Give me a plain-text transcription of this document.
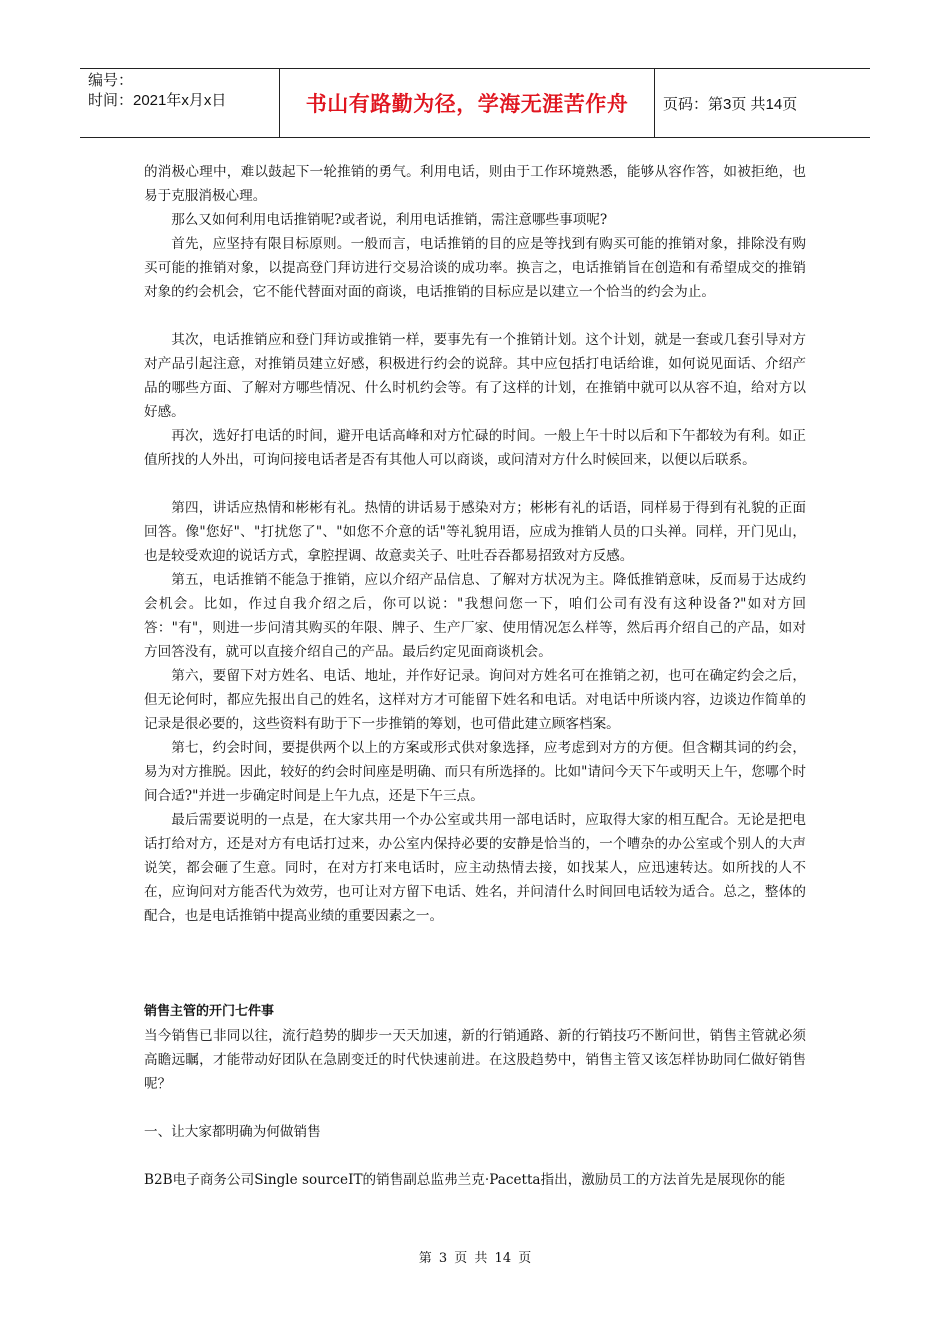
编号：
时间：2021年x月x日	书山有路勤为径，学海无涯苦作舟 页码：第3页 共14页

的消极心理中，难以鼓起下一轮推销的勇气。利用电话，则由于工作环境熟悉，能够从容作答，如被拒绝，也易于克服消极心理。

那么又如何利用电话推销呢?或者说，利用电话推销，需注意哪些事项呢?

首先，应坚持有限目标原则。一般而言，电话推销的目的应是等找到有购买可能的推销对象，排除没有购买可能的推销对象，以提高登门拜访进行交易洽谈的成功率。换言之，电话推销旨在创造和有希望成交的推销对象的约会机会，它不能代替面对面的商谈，电话推销的目标应是以建立一个恰当的约会为止。

其次，电话推销应和登门拜访或推销一样，要事先有一个推销计划。这个计划，就是一套或几套引导对方对产品引起注意，对推销员建立好感，积极进行约会的说辞。其中应包括打电话给谁，如何说见面话、介绍产品的哪些方面、了解对方哪些情况、什么时机约会等。有了这样的计划，在推销中就可以从容不迫，给对方以好感。

再次，选好打电话的时间，避开电话高峰和对方忙碌的时间。一般上午十时以后和下午都较为有利。如正值所找的人外出，可询问接电话者是否有其他人可以商谈，或问清对方什么时候回来，以便以后联系。

第四，讲话应热情和彬彬有礼。热情的讲话易于感染对方；彬彬有礼的话语，同样易于得到有礼貌的正面回答。像"您好"、"打扰您了"、"如您不介意的话"等礼貌用语，应成为推销人员的口头禅。同样，开门见山，也是较受欢迎的说话方式，拿腔捏调、故意卖关子、吐吐吞吞都易招致对方反感。

第五，电话推销不能急于推销，应以介绍产品信息、了解对方状况为主。降低推销意味，反而易于达成约会机会。比如，作过自我介绍之后，你可以说："我想问您一下，咱们公司有没有这种设备?"如对方回答："有"，则进一步问清其购买的年限、牌子、生产厂家、使用情况怎么样等，然后再介绍自己的产品，如对方回答没有，就可以直接介绍自己的产品。最后约定见面商谈机会。

第六，要留下对方姓名、电话、地址，并作好记录。询问对方姓名可在推销之初，也可在确定约会之后，但无论何时，都应先报出自己的姓名，这样对方才可能留下姓名和电话。对电话中所谈内容，边谈边作简单的记录是很必要的，这些资料有助于下一步推销的筹划，也可借此建立顾客档案。

第七，约会时间，要提供两个以上的方案或形式供对象选择，应考虑到对方的方便。但含糊其词的约会，易为对方推脱。因此，较好的约会时间座是明确、而只有所选择的。比如"请问今天下午或明天上午，您哪个时间合适?"并进一步确定时间是上午九点，还是下午三点。

最后需要说明的一点是，在大家共用一个办公室或共用一部电话时，应取得大家的相互配合。无论是把电话打给对方，还是对方有电话打过来，办公室内保持必要的安静是恰当的，一个嘈杂的办公室或个别人的大声说笑，都会砸了生意。同时，在对方打来电话时，应主动热情去接，如找某人，应迅速转达。如所找的人不在，应询问对方能否代为效劳，也可让对方留下电话、姓名，并问清什么时间回电话较为适合。总之，整体的配合，也是电话推销中提高业绩的重要因素之一。

销售主管的开门七件事

当今销售已非同以往，流行趋势的脚步一天天加速，新的行销通路、新的行销技巧不断问世，销售主管就必须高瞻远瞩，才能带动好团队在急剧变迁的时代快速前进。在这股趋势中，销售主管又该怎样协助同仁做好销售呢？

一、让大家都明确为何做销售

B2B电子商务公司Single sourceIT的销售副总监弗兰克·Pacetta指出，激励员工的方法首先是展现你的能

第 3 页 共 14 页
